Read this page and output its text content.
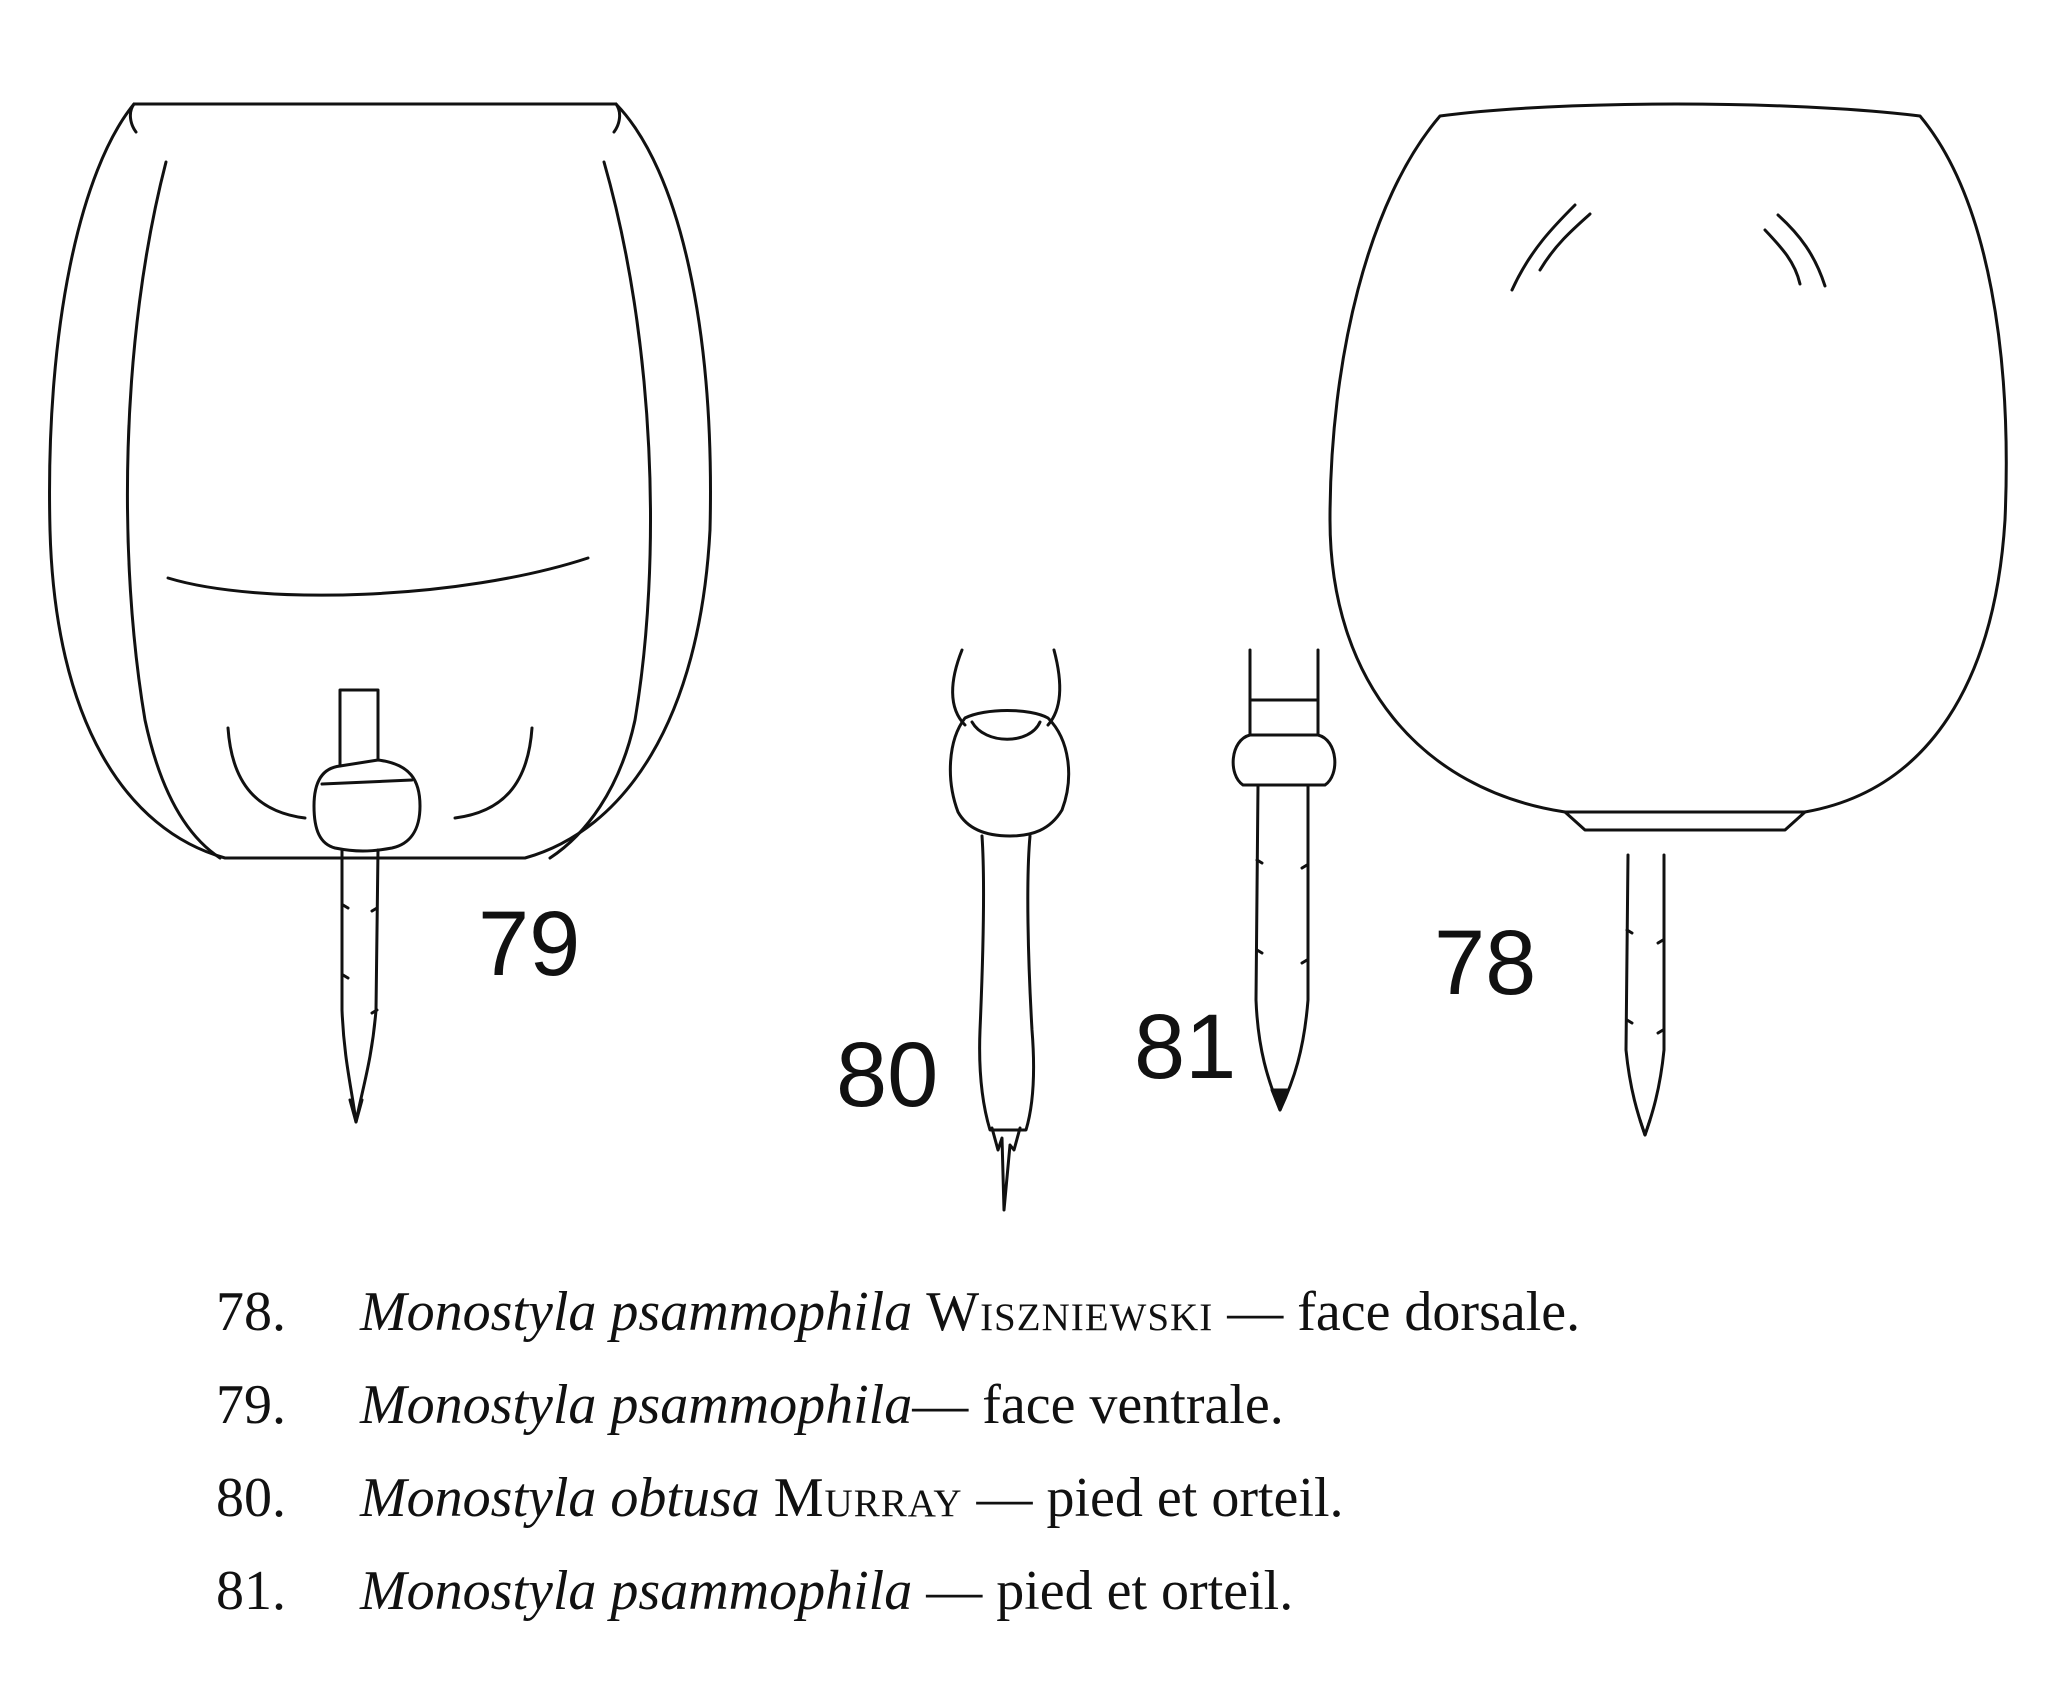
79
80 81
78
78. Monostyla psammophila Wiszniewski — face dorsale.
79. Monostyla psammophila— face ventrale.
80. Monostyla obtusa Murray — pied et orteil.
81. Monostyla psammophila — pied et orteil.
